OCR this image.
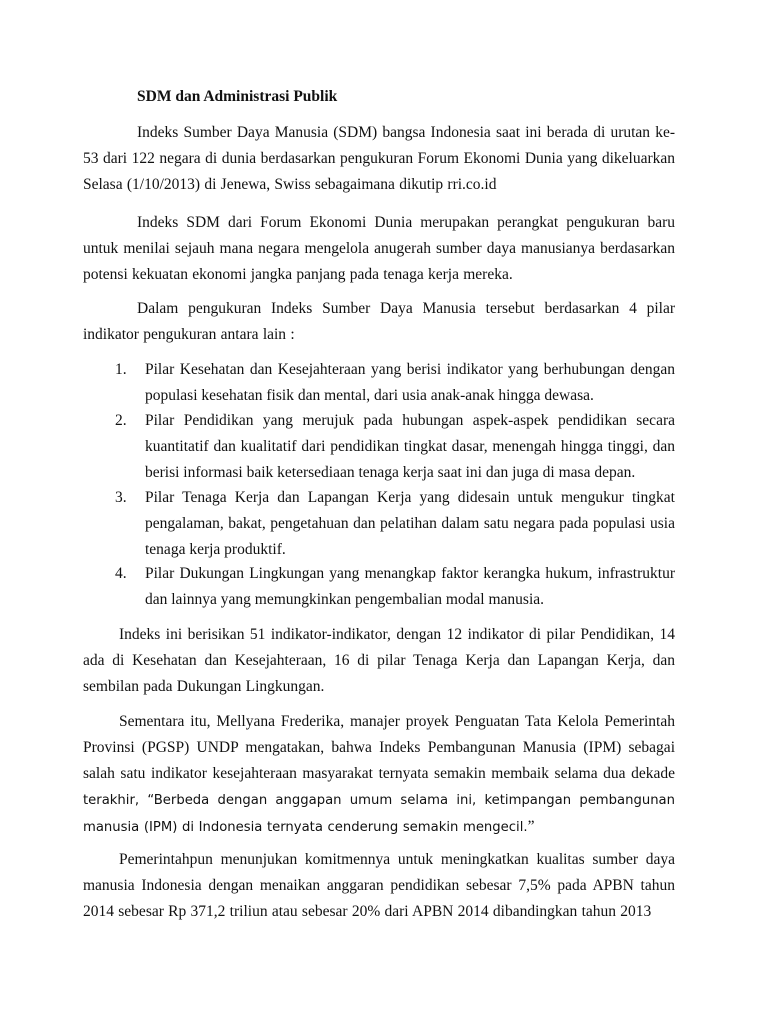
SDM dan Administrasi Publik

Indeks Sumber Daya Manusia (SDM) bangsa Indonesia saat ini berada di urutan ke-53 dari 122 negara di dunia berdasarkan pengukuran Forum Ekonomi Dunia yang dikeluarkan Selasa (1/10/2013) di Jenewa, Swiss sebagaimana dikutip rri.co.id

Indeks SDM dari Forum Ekonomi Dunia merupakan perangkat pengukuran baru untuk menilai sejauh mana negara mengelola anugerah sumber daya manusianya berdasarkan potensi kekuatan ekonomi jangka panjang pada tenaga kerja mereka.

Dalam pengukuran Indeks Sumber Daya Manusia tersebut berdasarkan 4 pilar indikator pengukuran antara lain :

1. Pilar Kesehatan dan Kesejahteraan yang berisi indikator yang berhubungan dengan populasi kesehatan fisik dan mental, dari usia anak-anak hingga dewasa.

2. Pilar Pendidikan yang merujuk pada hubungan aspek-aspek pendidikan secara kuantitatif dan kualitatif dari pendidikan tingkat dasar, menengah hingga tinggi, dan berisi informasi baik ketersediaan tenaga kerja saat ini dan juga di masa depan.

3. Pilar Tenaga Kerja dan Lapangan Kerja yang didesain untuk mengukur tingkat pengalaman, bakat, pengetahuan dan pelatihan dalam satu negara pada populasi usia tenaga kerja produktif.

4. Pilar Dukungan Lingkungan yang menangkap faktor kerangka hukum, infrastruktur dan lainnya yang memungkinkan pengembalian modal manusia.

Indeks ini berisikan 51 indikator-indikator, dengan 12 indikator di pilar Pendidikan, 14 ada di Kesehatan dan Kesejahteraan, 16 di pilar Tenaga Kerja dan Lapangan Kerja, dan sembilan pada Dukungan Lingkungan.

Sementara itu, Mellyana Frederika, manajer proyek Penguatan Tata Kelola Pemerintah Provinsi (PGSP) UNDP mengatakan, bahwa Indeks Pembangunan Manusia (IPM) sebagai salah satu indikator kesejahteraan masyarakat ternyata semakin membaik selama dua dekade terakhir, “Berbeda dengan anggapan umum selama ini, ketimpangan pembangunan manusia (IPM) di Indonesia ternyata cenderung semakin mengecil.”

Pemerintahpun menunjukan komitmennya untuk meningkatkan kualitas sumber daya manusia Indonesia dengan menaikan anggaran pendidikan sebesar 7,5% pada APBN tahun 2014 sebesar Rp 371,2 triliun atau sebesar 20% dari APBN 2014 dibandingkan tahun 2013
